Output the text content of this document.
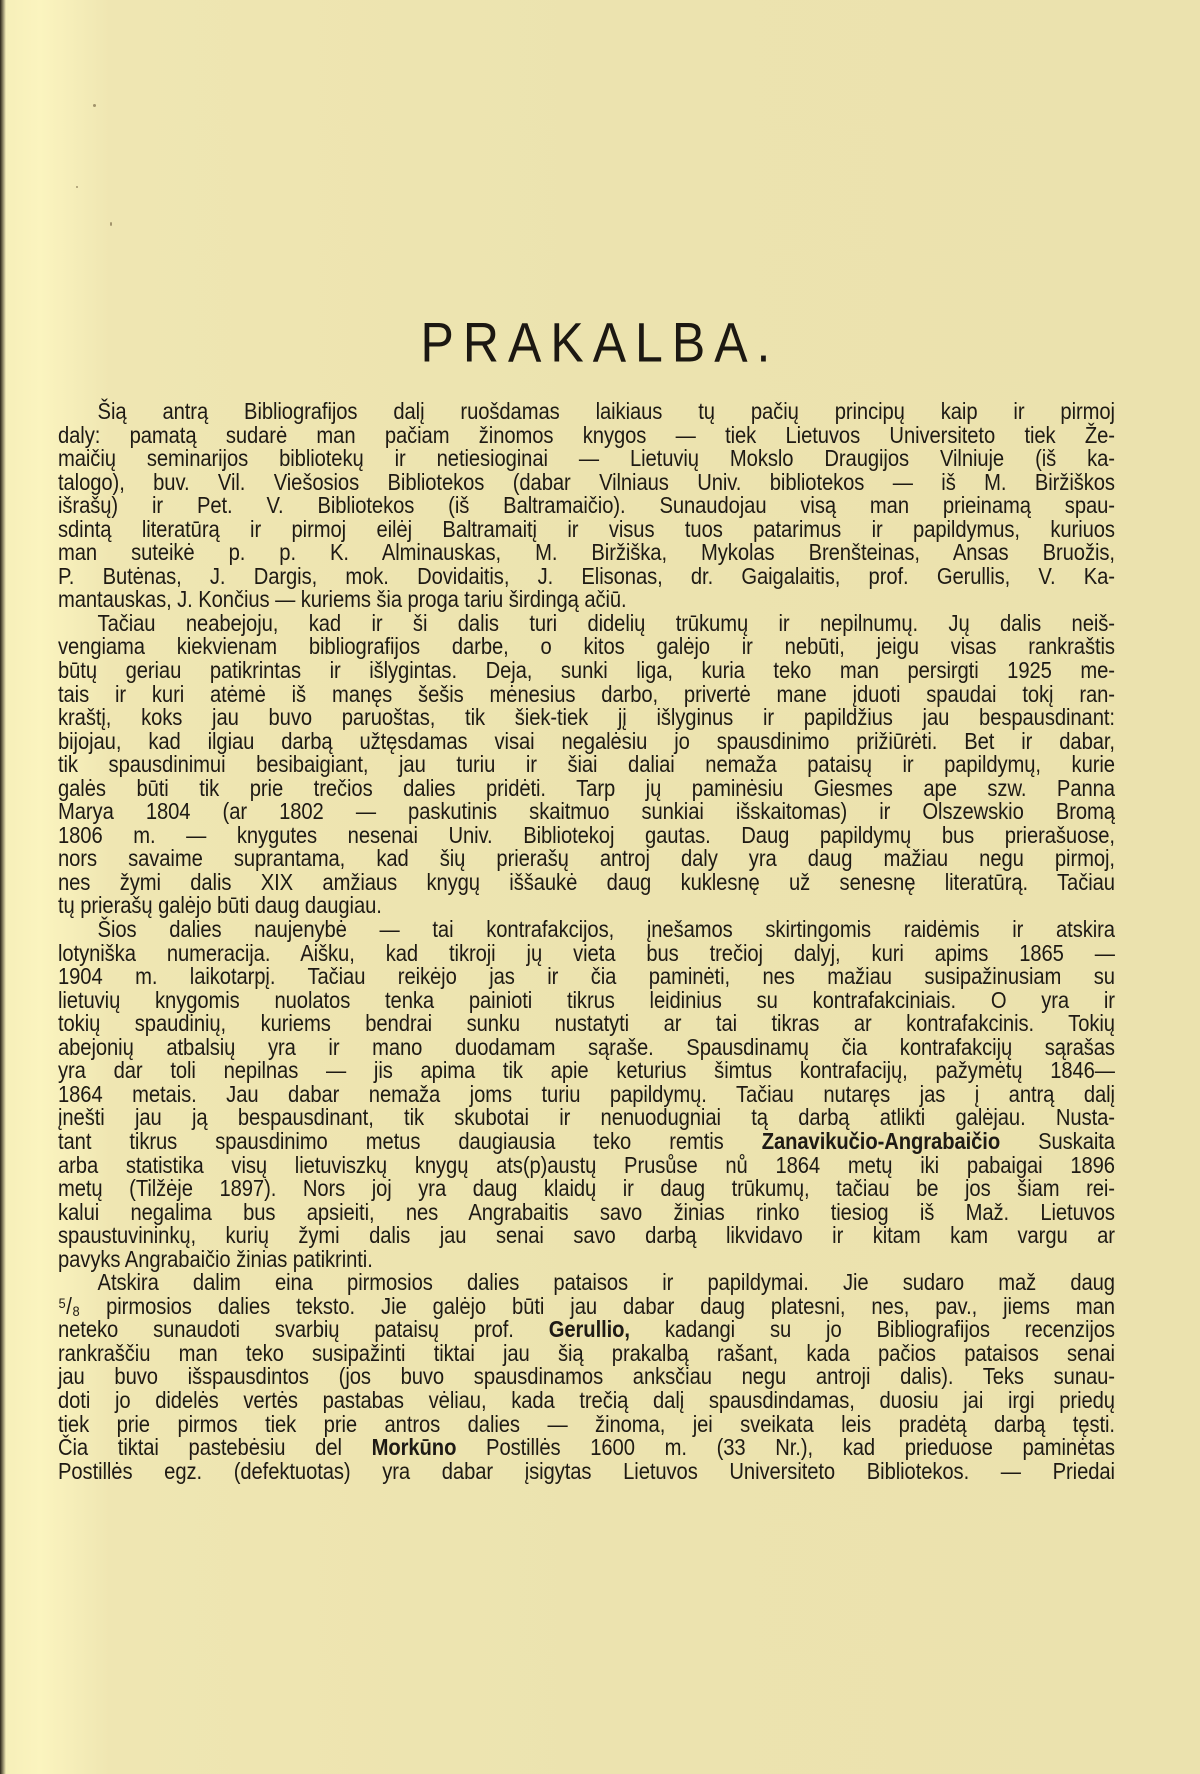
PRAKALBA.
Šią antrą Bibliografijos dalį ruošdamas laikiaus tų pačių principų kaip ir pirmoj
daly: pamatą sudarė man pačiam žinomos knygos — tiek Lietuvos Universiteto tiek Že-
maičių seminarijos bibliotekų ir netiesioginai — Lietuvių Mokslo Draugijos Vilniuje (iš ka-
talogo), buv. Vil. Viešosios Bibliotekos (dabar Vilniaus Univ. bibliotekos — iš M. Biržiškos
išrašų) ir Pet. V. Bibliotekos (iš Baltramaičio). Sunaudojau visą man prieinamą spau-
sdintą literatūrą ir pirmoj eilėj Baltramaitį ir visus tuos patarimus ir papildymus, kuriuos
man suteikė p. p. K. Alminauskas, M. Biržiška, Mykolas Brenšteinas, Ansas Bruožis,
P. Butėnas, J. Dargis, mok. Dovidaitis, J. Elisonas, dr. Gaigalaitis, prof. Gerullis, V. Ka-
mantauskas, J. Končius — kuriems šia proga tariu širdingą ačiū.
Tačiau neabejoju, kad ir ši dalis turi didelių trūkumų ir nepilnumų. Jų dalis neiš-
vengiama kiekvienam bibliografijos darbe, o kitos galėjo ir nebūti, jeigu visas rankraštis
būtų geriau patikrintas ir išlygintas. Deja, sunki liga, kuria teko man persirgti 1925 me-
tais ir kuri atėmė iš manęs šešis mėnesius darbo, privertė mane įduoti spaudai tokį ran-
kraštį, koks jau buvo paruoštas, tik šiek-tiek jį išlyginus ir papildžius jau bespausdinant:
bijojau, kad ilgiau darbą užtęsdamas visai negalėsiu jo spausdinimo prižiūrėti. Bet ir dabar,
tik spausdinimui besibaigiant, jau turiu ir šiai daliai nemaža pataisų ir papildymų, kurie
galės būti tik prie trečios dalies pridėti. Tarp jų paminėsiu Giesmes ape szw. Panna
Marya 1804 (ar 1802 — paskutinis skaitmuo sunkiai išskaitomas) ir Olszewskio Bromą
1806 m. — knygutes nesenai Univ. Bibliotekoj gautas. Daug papildymų bus prierašuose,
nors savaime suprantama, kad šių prierašų antroj daly yra daug mažiau negu pirmoj,
nes žymi dalis XIX amžiaus knygų iššaukė daug kuklesnę už senesnę literatūrą. Tačiau
tų prierašų galėjo būti daug daugiau.
Šios dalies naujenybė — tai kontrafakcijos, įnešamos skirtingomis raidėmis ir atskira
lotyniška numeracija. Aišku, kad tikroji jų vieta bus trečioj dalyj, kuri apims 1865 —
1904 m. laikotarpį. Tačiau reikėjo jas ir čia paminėti, nes mažiau susipažinusiam su
lietuvių knygomis nuolatos tenka painioti tikrus leidinius su kontrafakciniais. O yra ir
tokių spaudinių, kuriems bendrai sunku nustatyti ar tai tikras ar kontrafakcinis. Tokių
abejonių atbalsių yra ir mano duodamam sąraše. Spausdinamų čia kontrafakcijų sąrašas
yra dar toli nepilnas — jis apima tik apie keturius šimtus kontrafacijų, pažymėtų 1846—
1864 metais. Jau dabar nemaža joms turiu papildymų. Tačiau nutaręs jas į antrą dalį
įnešti jau ją bespausdinant, tik skubotai ir nenuodugniai tą darbą atlikti galėjau. Nusta-
tant tikrus spausdinimo metus daugiausia teko remtis Zanavikučio-Angrabaičio Suskaita
arba statistika visų lietuviszkų knygų ats(p)austų Prusůse nů 1864 metų iki pabaigai 1896
metų (Tilžėje 1897). Nors joj yra daug klaidų ir daug trūkumų, tačiau be jos šiam rei-
kalui negalima bus apsieiti, nes Angrabaitis savo žinias rinko tiesiog iš Maž. Lietuvos
spaustuvininkų, kurių žymi dalis jau senai savo darbą likvidavo ir kitam kam vargu ar
pavyks Angrabaičio žinias patikrinti.
Atskira dalim eina pirmosios dalies pataisos ir papildymai. Jie sudaro maž daug
⁵/₈ pirmosios dalies teksto. Jie galėjo būti jau dabar daug platesni, nes, pav., jiems man
neteko sunaudoti svarbių pataisų prof. Gerullio, kadangi su jo Bibliografijos recenzijos
rankraščiu man teko susipažinti tiktai jau šią prakalbą rašant, kada pačios pataisos senai
jau buvo išspausdintos (jos buvo spausdinamos anksčiau negu antroji dalis). Teks sunau-
doti jo didelės vertės pastabas vėliau, kada trečią dalį spausdindamas, duosiu jai irgi priedų
tiek prie pirmos tiek prie antros dalies — žinoma, jei sveikata leis pradėtą darbą tęsti.
Čia tiktai pastebėsiu del Morkūno Postillės 1600 m. (33 Nr.), kad prieduose paminėtas
Postillės egz. (defektuotas) yra dabar įsigytas Lietuvos Universiteto Bibliotekos. — Priedai
